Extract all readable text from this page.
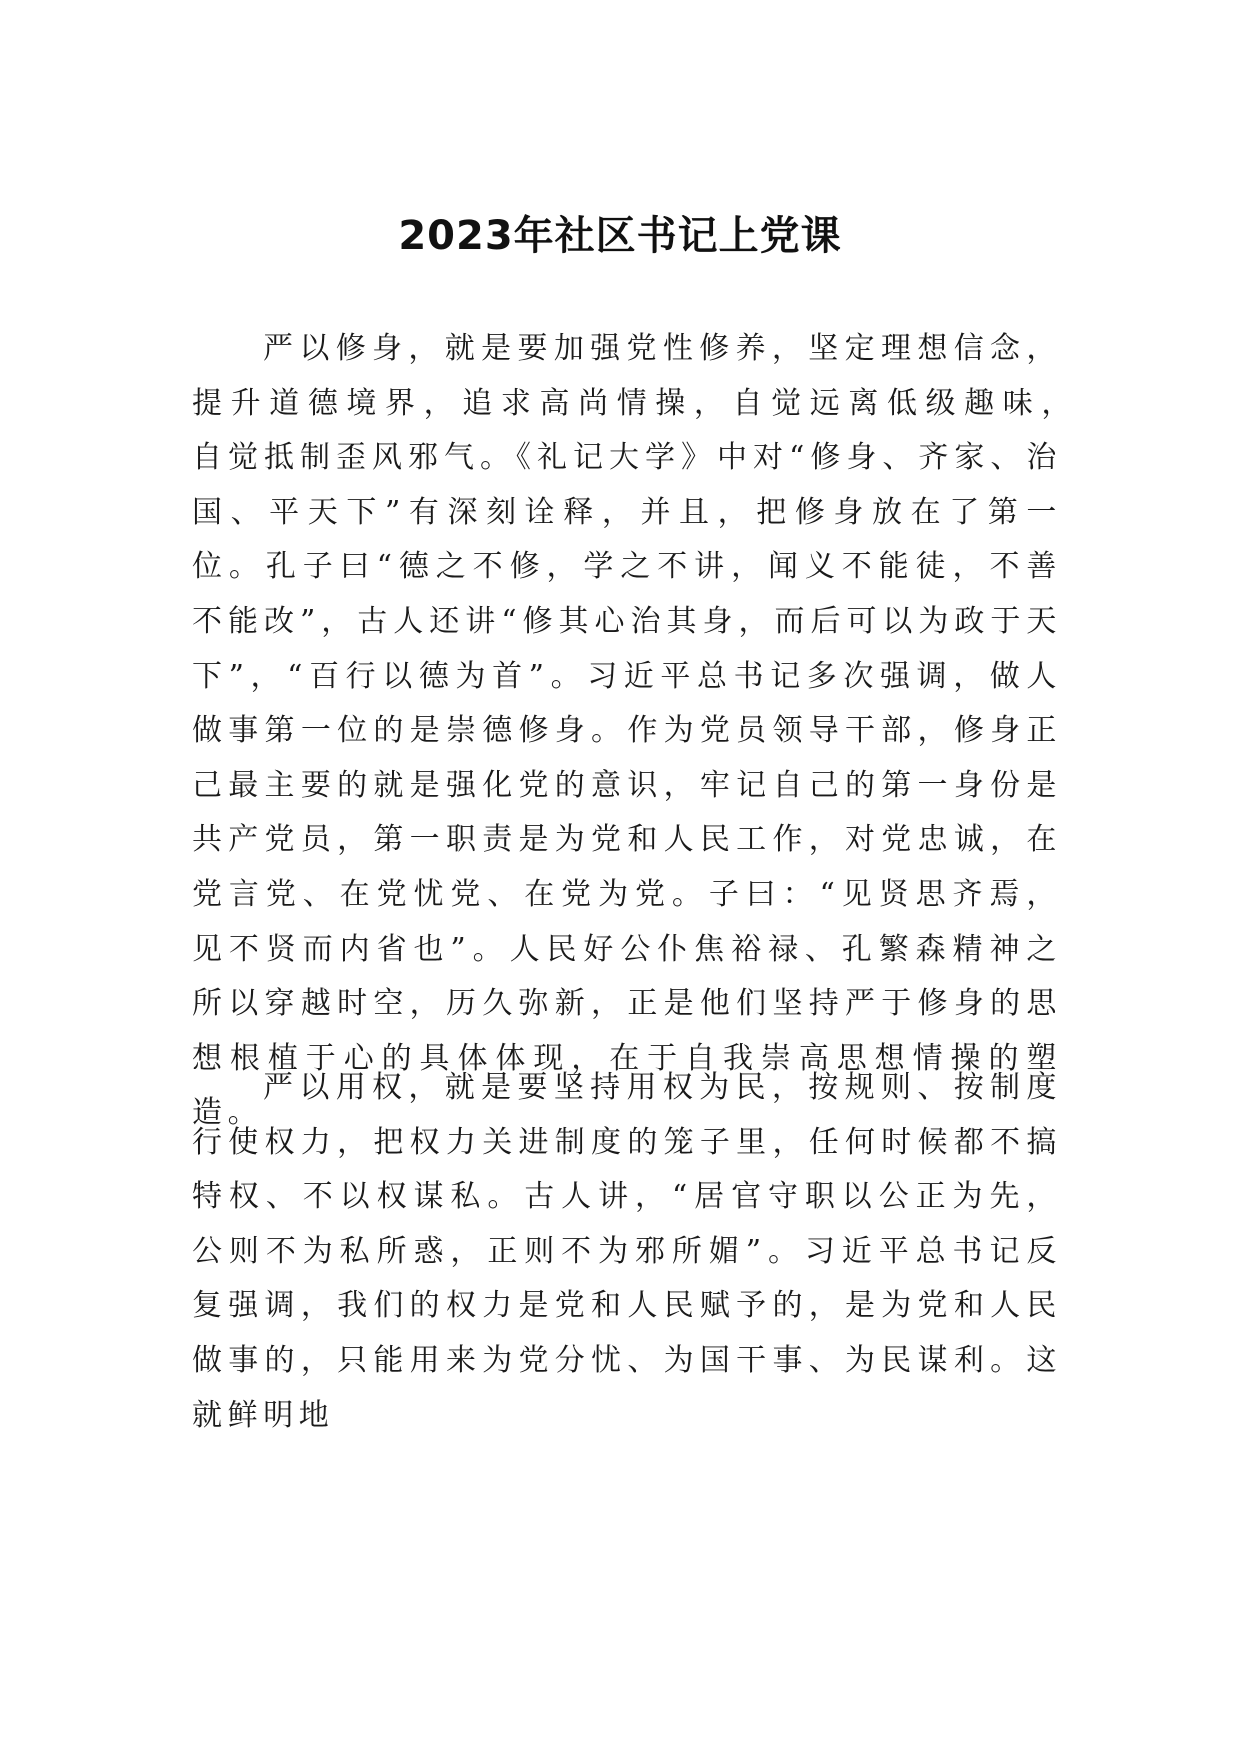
2023年社区书记上党课

严以修身，就是要加强党性修养，坚定理想信念，提升道德境界，追求高尚情操，自觉远离低级趣味，　自觉抵制歪风邪气。《礼记大学》中对“修身、齐家、治国、平天下”有深刻诠释，并且，把修身放在了第一位。孔子曰“德之不修，学之不讲，闻义不能徒，不善不能改”，古人还讲“修其心治其身，而后可以为政于天下”，“百行以德为首”。习近平总书记多次强调，做人做事第一位的是崇德修身。作为党员领导干部，修身正己最主要的就是强化党的意识，牢记自己的第一身份是共产党员，第一职责是为党和人民工作，对党忠诚，在党言党、在党忧党、在党为党。子曰：“见贤思齐焉，见不贤而内省也”。人民好公仆焦裕禄、孔繁森精神之所以穿越时空，历久弥新，正是他们坚持严于修身的思想根植于心的具体体现，在于自我崇高思想情操的塑造。

严以用权，就是要坚持用权为民，按规则、按制度行使权力，把权力关进制度的笼子里，任何时候都不搞特权、不以权谋私。古人讲，“居官守职以公正为先，公则不为私所惑，正则不为邪所媚”。习近平总书记反复强调，我们的权力是党和人民赋予的，是为党和人民做事的，只能用来为党分忧、为国干事、为民谋利。这就鲜明地
